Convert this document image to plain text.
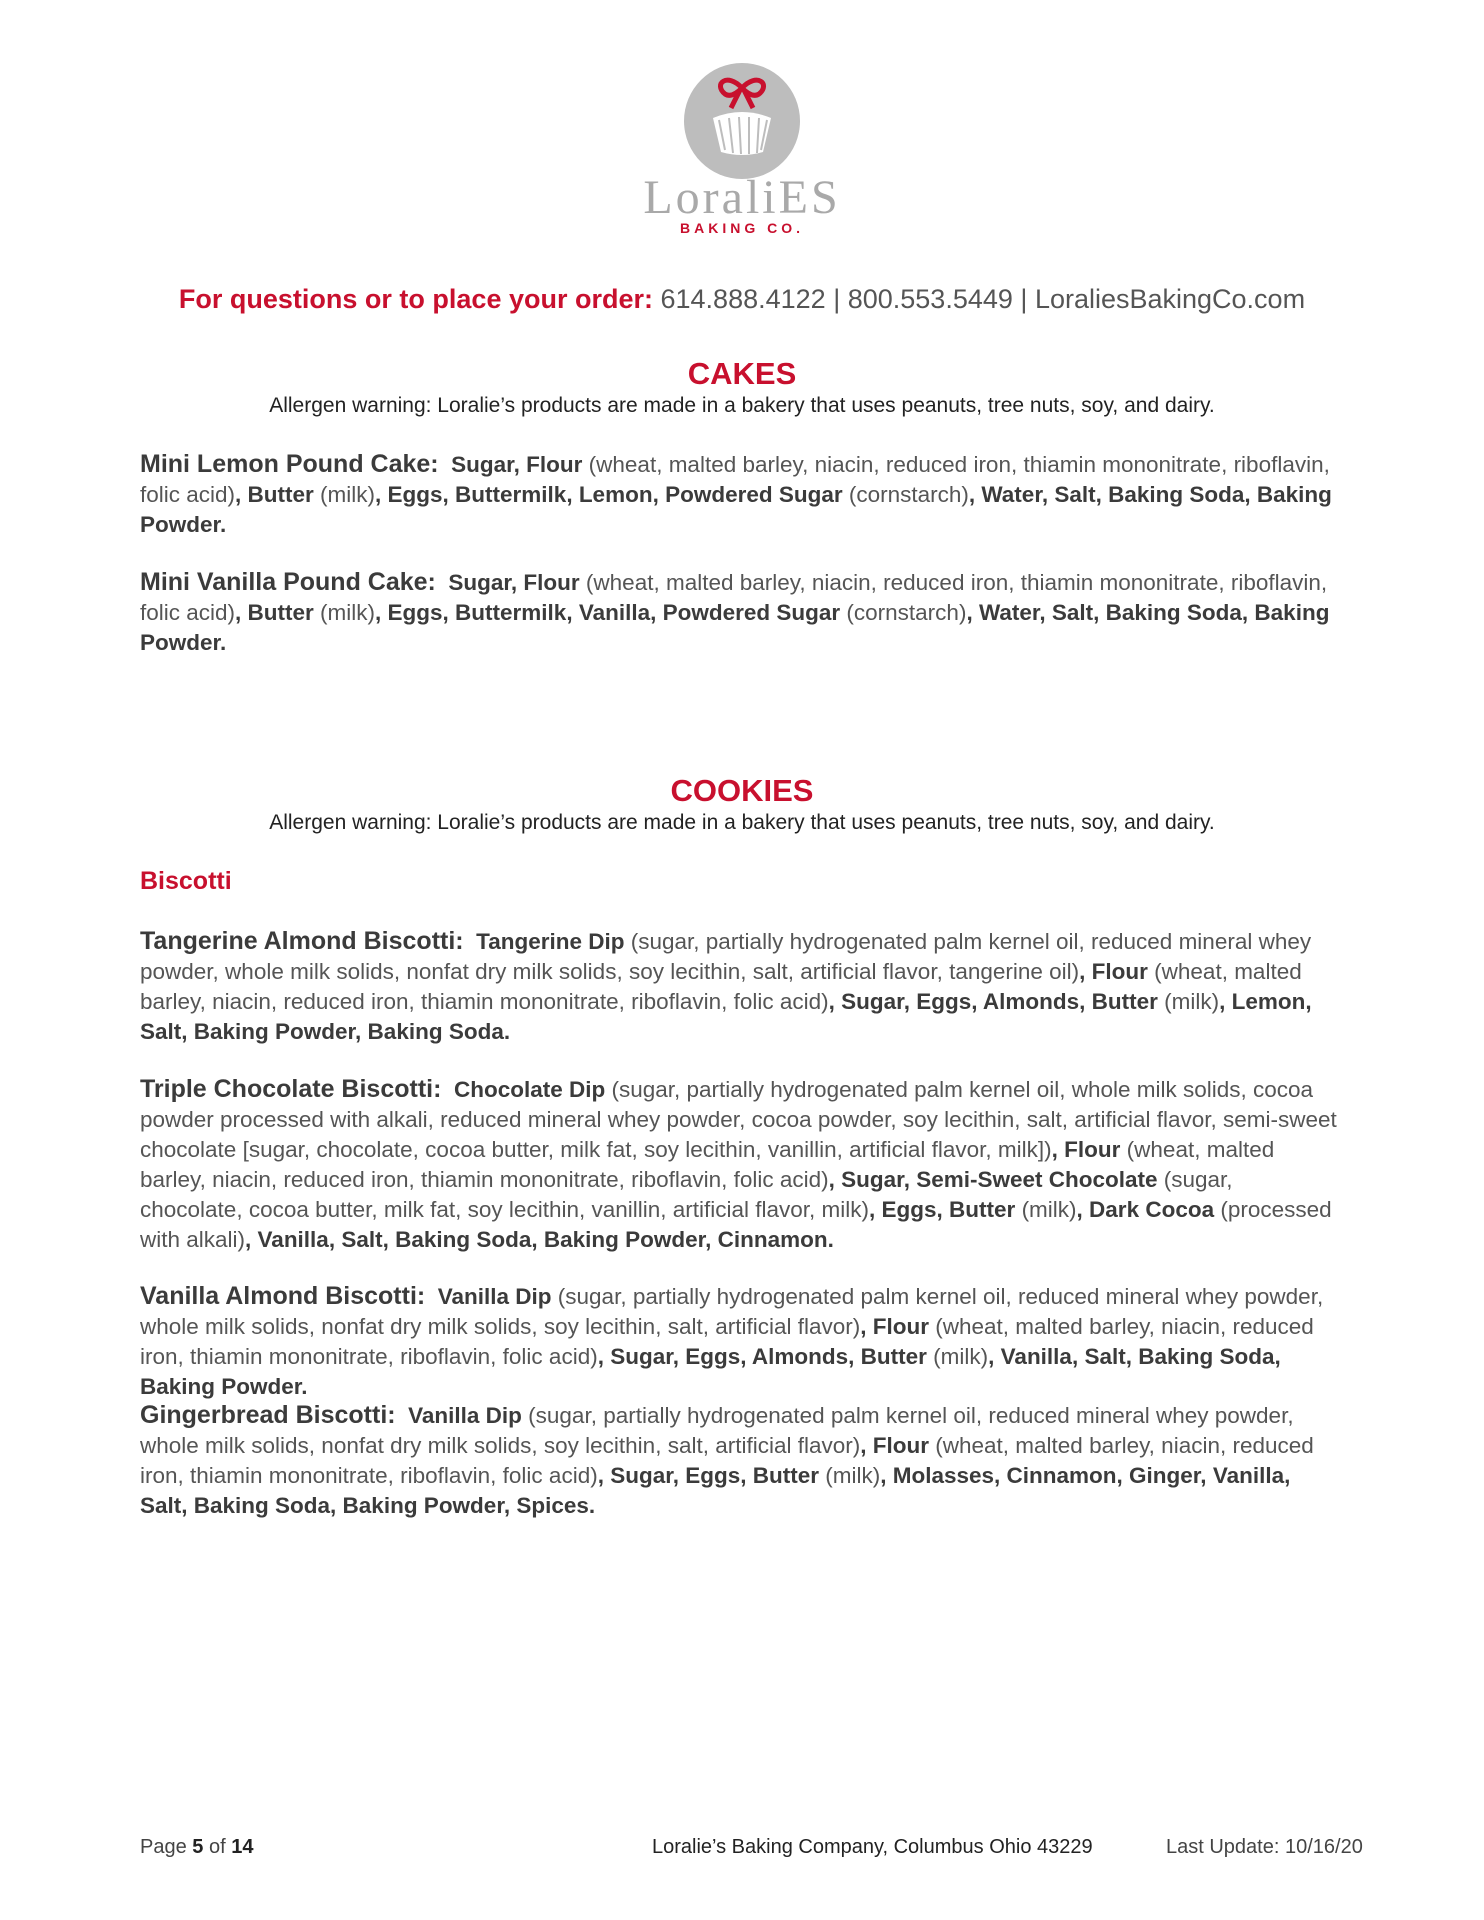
LoraliES
BAKING CO.
For questions or to place your order: 614.888.4122 | 800.553.5449 | LoraliesBakingCo.com
CAKES
Allergen warning: Loralie’s products are made in a bakery that uses peanuts, tree nuts, soy, and dairy.
Mini Lemon Pound Cake: Sugar, Flour (wheat, malted barley, niacin, reduced iron, thiamin mononitrate, riboflavin, folic acid), Butter (milk), Eggs, Buttermilk, Lemon, Powdered Sugar (cornstarch), Water, Salt, Baking Soda, Baking Powder.
Mini Vanilla Pound Cake: Sugar, Flour (wheat, malted barley, niacin, reduced iron, thiamin mononitrate, riboflavin, folic acid), Butter (milk), Eggs, Buttermilk, Vanilla, Powdered Sugar (cornstarch), Water, Salt, Baking Soda, Baking Powder.
COOKIES
Allergen warning: Loralie’s products are made in a bakery that uses peanuts, tree nuts, soy, and dairy.
Biscotti
Tangerine Almond Biscotti: Tangerine Dip (sugar, partially hydrogenated palm kernel oil, reduced mineral whey powder, whole milk solids, nonfat dry milk solids, soy lecithin, salt, artificial flavor, tangerine oil), Flour (wheat, malted barley, niacin, reduced iron, thiamin mononitrate, riboflavin, folic acid), Sugar, Eggs, Almonds, Butter (milk), Lemon, Salt, Baking Powder, Baking Soda.
Triple Chocolate Biscotti: Chocolate Dip (sugar, partially hydrogenated palm kernel oil, whole milk solids, cocoa powder processed with alkali, reduced mineral whey powder, cocoa powder, soy lecithin, salt, artificial flavor, semi-sweet chocolate [sugar, chocolate, cocoa butter, milk fat, soy lecithin, vanillin, artificial flavor, milk]), Flour (wheat, malted barley, niacin, reduced iron, thiamin mononitrate, riboflavin, folic acid), Sugar, Semi-Sweet Chocolate (sugar, chocolate, cocoa butter, milk fat, soy lecithin, vanillin, artificial flavor, milk), Eggs, Butter (milk), Dark Cocoa (processed with alkali), Vanilla, Salt, Baking Soda, Baking Powder, Cinnamon.
Vanilla Almond Biscotti: Vanilla Dip (sugar, partially hydrogenated palm kernel oil, reduced mineral whey powder, whole milk solids, nonfat dry milk solids, soy lecithin, salt, artificial flavor), Flour (wheat, malted barley, niacin, reduced iron, thiamin mononitrate, riboflavin, folic acid), Sugar, Eggs, Almonds, Butter (milk), Vanilla, Salt, Baking Soda, Baking Powder.
Gingerbread Biscotti: Vanilla Dip (sugar, partially hydrogenated palm kernel oil, reduced mineral whey powder, whole milk solids, nonfat dry milk solids, soy lecithin, salt, artificial flavor), Flour (wheat, malted barley, niacin, reduced iron, thiamin mononitrate, riboflavin, folic acid), Sugar, Eggs, Butter (milk), Molasses, Cinnamon, Ginger, Vanilla, Salt, Baking Soda, Baking Powder, Spices.
Page 5 of 14	Loralie’s Baking Company, Columbus Ohio 43229	Last Update: 10/16/20
